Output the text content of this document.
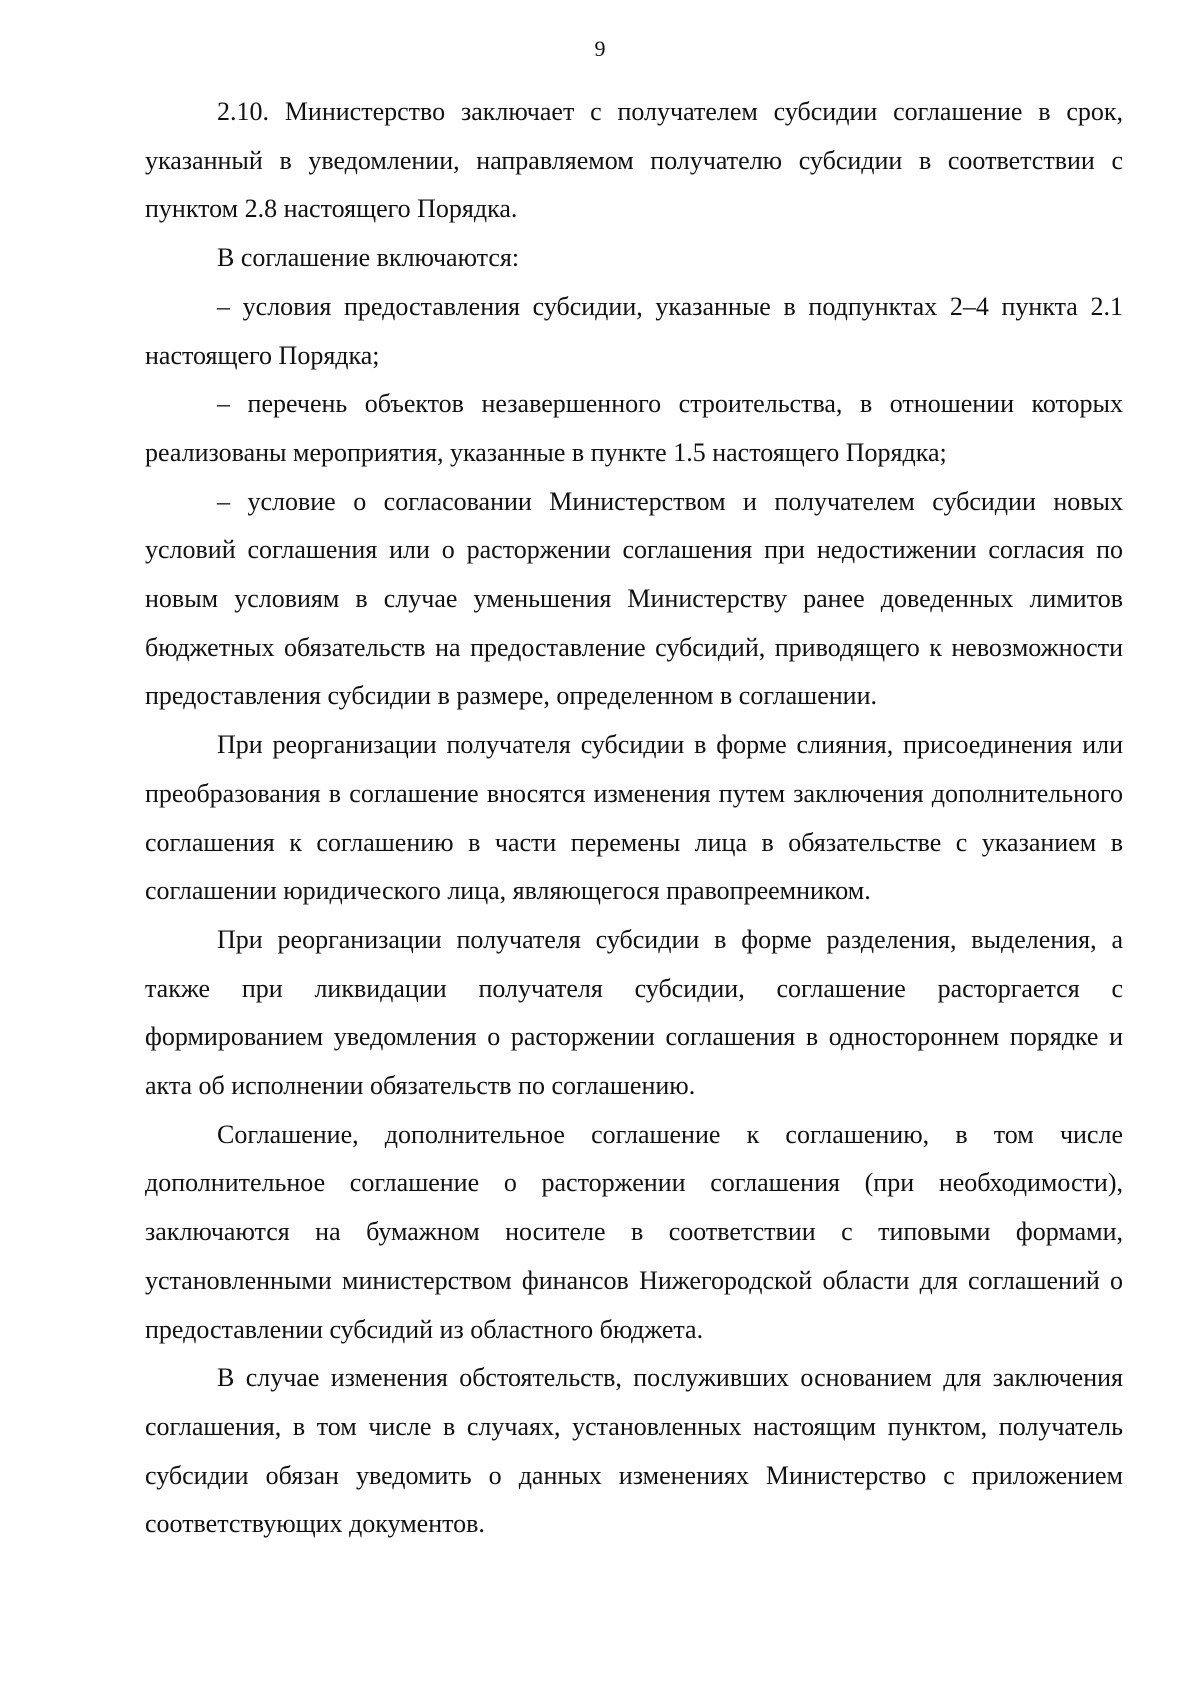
9

2.10. Министерство заключает с получателем субсидии соглашение в срок, указанный в уведомлении, направляемом получателю субсидии в соответствии с пунктом 2.8 настоящего Порядка.

В соглашение включаются:

– условия предоставления субсидии, указанные в подпунктах 2–4 пункта 2.1 настоящего Порядка;

– перечень объектов незавершенного строительства, в отношении которых реализованы мероприятия, указанные в пункте 1.5 настоящего Порядка;

– условие о согласовании Министерством и получателем субсидии новых условий соглашения или о расторжении соглашения при недостижении согласия по новым условиям в случае уменьшения Министерству ранее доведенных лимитов бюджетных обязательств на предоставление субсидий, приводящего к невозможности предоставления субсидии в размере, определенном в соглашении.

При реорганизации получателя субсидии в форме слияния, присоединения или преобразования в соглашение вносятся изменения путем заключения дополнительного соглашения к соглашению в части перемены лица в обязательстве с указанием в соглашении юридического лица, являющегося правопреемником.

При реорганизации получателя субсидии в форме разделения, выделения, а также при ликвидации получателя субсидии, соглашение расторгается с формированием уведомления о расторжении соглашения в одностороннем порядке и акта об исполнении обязательств по соглашению.

Соглашение, дополнительное соглашение к соглашению, в том числе дополнительное соглашение о расторжении соглашения (при необходимости), заключаются на бумажном носителе в соответствии с типовыми формами, установленными министерством финансов Нижегородской области для соглашений о предоставлении субсидий из областного бюджета.

В случае изменения обстоятельств, послуживших основанием для заключения соглашения, в том числе в случаях, установленных настоящим пунктом, получатель субсидии обязан уведомить о данных изменениях Министерство с приложением соответствующих документов.
